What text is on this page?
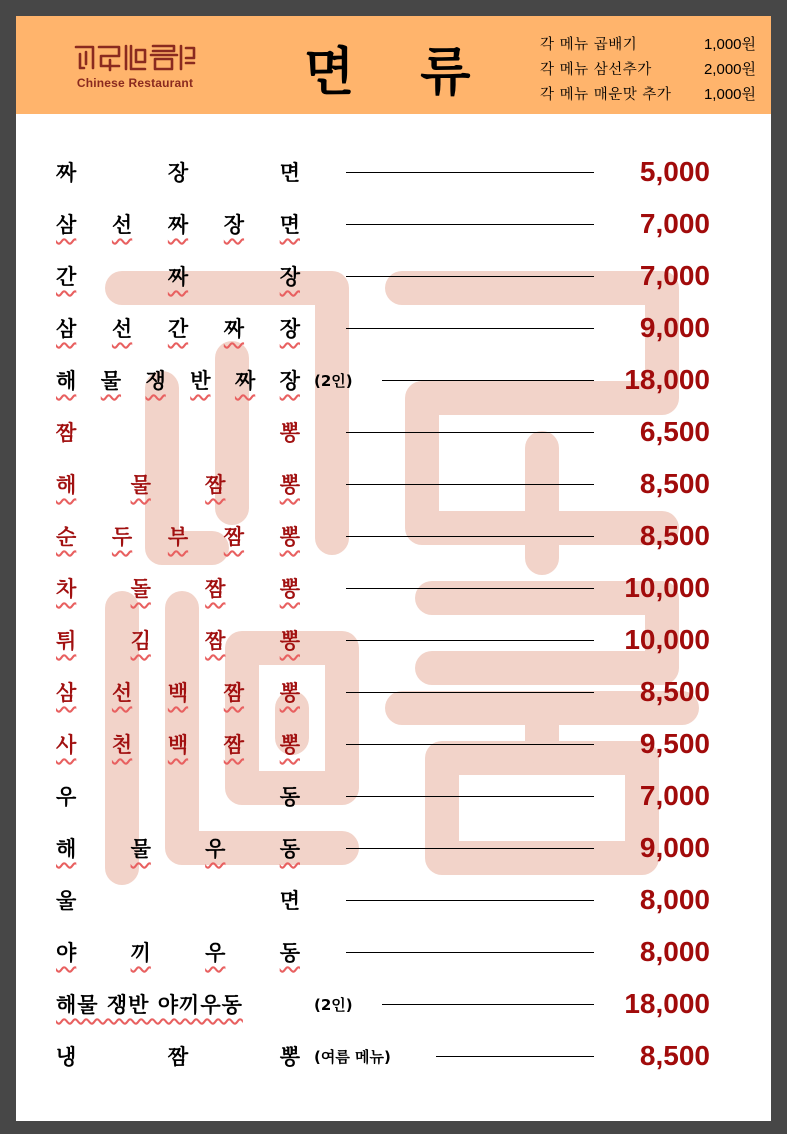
Chinese Restaurant 면 류	각 메뉴 곱배기	1,000원
각 메뉴 삼선추가	2,000원
각 메뉴 매운맛 추가	1,000원
짜	장	면	5,000
삼 선 짜 장 면	7,000
간	짜	장	7,000
삼 선 간 짜 장	9,000
해 물 쟁 반 짜 장 (2인)	18,000
짬	뽕	6,500
해	물	짬	뽕	8,500
순 두 부 짬 뽕	8,500
차	돌	짬	뽕	10,000
튀	김	짬	뽕	10,000
삼 선 백 짬 뽕	8,500
사 천 백 짬 뽕	9,500
우	동	7,000
해	물	우	동	9,000
울	면	8,000
야	끼	우	동	8,000
해물 쟁반 야끼우동	(2인)	18,000
냉	짬	뽕 (여름 메뉴)	8,500
